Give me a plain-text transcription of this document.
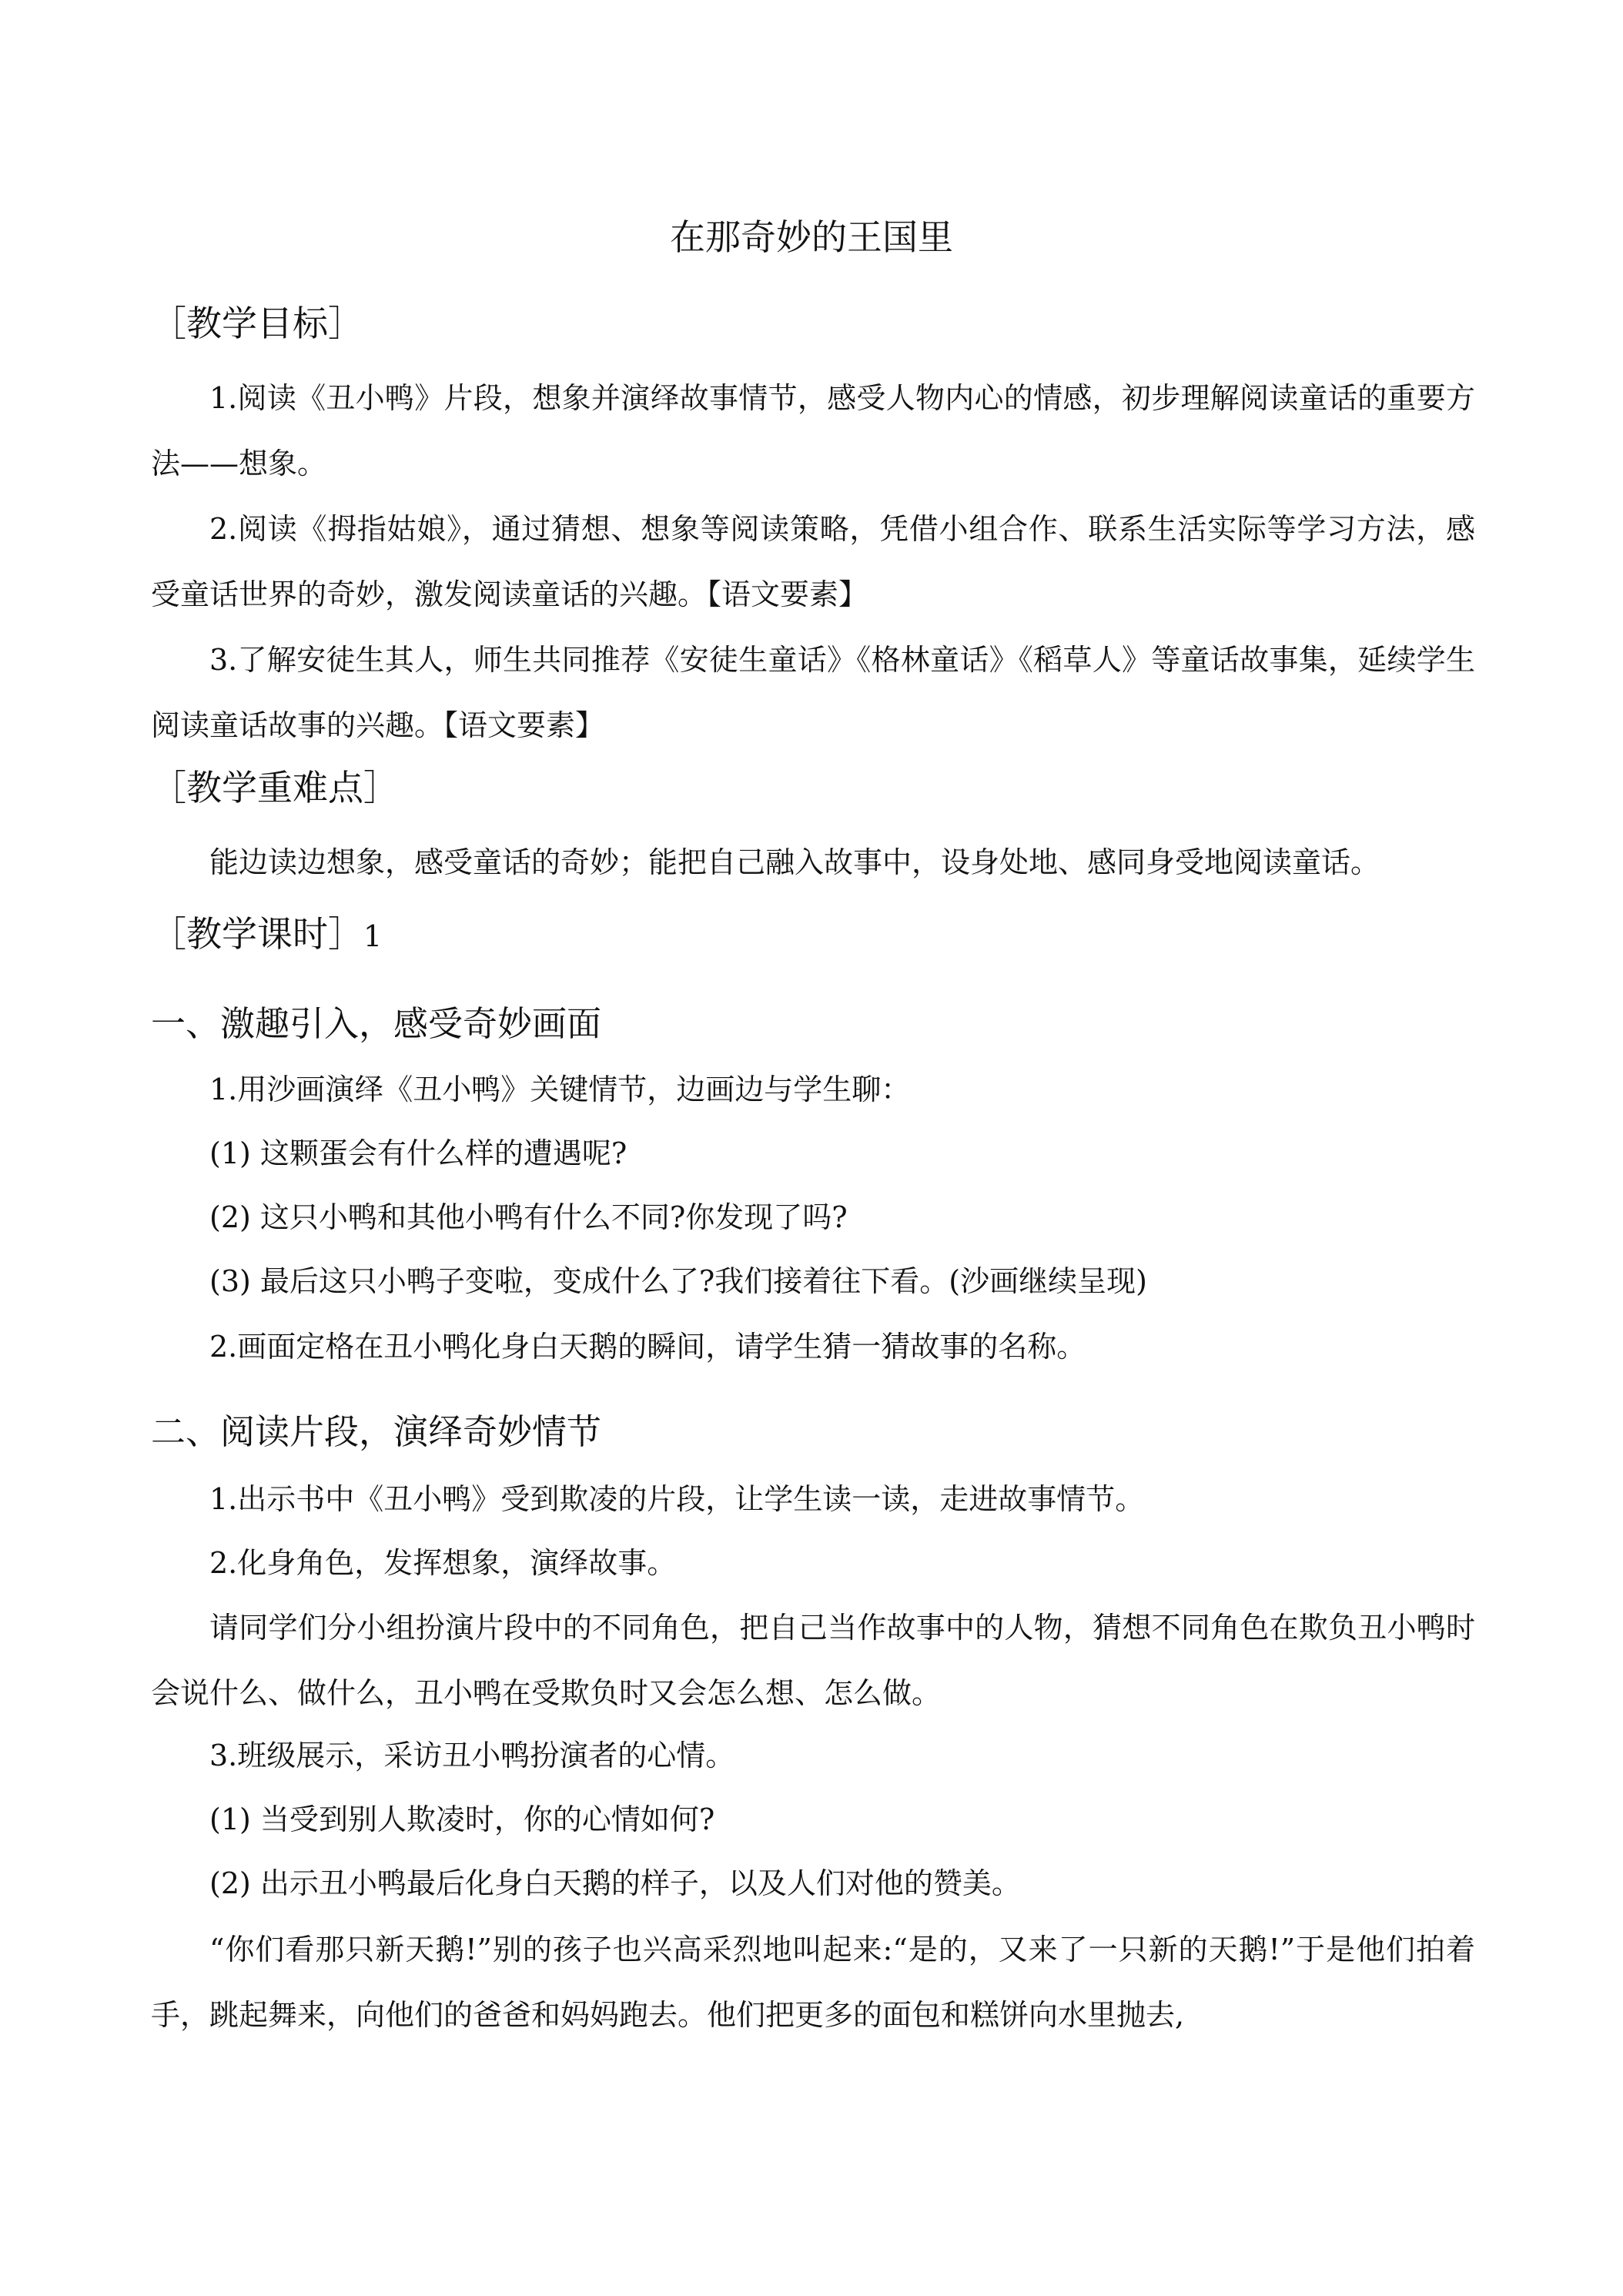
在那奇妙的王国里
［教学目标］

1.阅读《丑小鸭》片段，想象并演绎故事情节，感受人物内心的情感，初步理解阅读童话的重要方法——想象。

2.阅读《拇指姑娘》，通过猜想、想象等阅读策略，凭借小组合作、联系生活实际等学习方法，感受童话世界的奇妙，激发阅读童话的兴趣。【语文要素】

3.了解安徒生其人，师生共同推荐《安徒生童话》《格林童话》《稻草人》等童话故事集，延续学生阅读童话故事的兴趣。【语文要素】

［教学重难点］

能边读边想象，感受童话的奇妙；能把自己融入故事中，设身处地、感同身受地阅读童话。

［教学课时］1
一、激趣引入，感受奇妙画面
1.用沙画演绎《丑小鸭》关键情节，边画边与学生聊：
(1) 这颗蛋会有什么样的遭遇呢?
(2) 这只小鸭和其他小鸭有什么不同?你发现了吗?
(3) 最后这只小鸭子变啦，变成什么了?我们接着往下看。(沙画继续呈现)
2.画面定格在丑小鸭化身白天鹅的瞬间，请学生猜一猜故事的名称。
二、阅读片段，演绎奇妙情节
1.出示书中《丑小鸭》受到欺凌的片段，让学生读一读，走进故事情节。
2.化身角色，发挥想象，演绎故事。

请同学们分小组扮演片段中的不同角色，把自己当作故事中的人物，猜想不同角色在欺负丑小鸭时会说什么、做什么，丑小鸭在受欺负时又会怎么想、怎么做。

3.班级展示，采访丑小鸭扮演者的心情。
(1) 当受到别人欺凌时，你的心情如何?
(2) 出示丑小鸭最后化身白天鹅的样子，以及人们对他的赞美。

“你们看那只新天鹅!”别的孩子也兴高采烈地叫起来:“是的，又来了一只新的天鹅!”于是他们拍着手，跳起舞来，向他们的爸爸和妈妈跑去。他们把更多的面包和糕饼向水里抛去,
